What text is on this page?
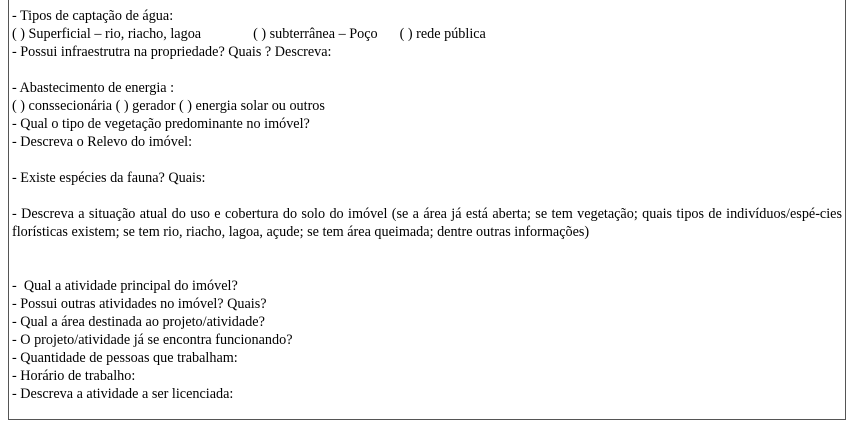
- Tipos de captação de água:
( ) Superficial – rio, riacho, lagoa	( ) subterrânea – Poço ( ) rede pública
- Possui infraestrutra na propriedade? Quais ? Descreva:
- Abastecimento de energia :
( ) conssecionária ( ) gerador ( ) energia solar ou outros
- Qual o tipo de vegetação predominante no imóvel?
- Descreva o Relevo do imóvel:
- Existe espécies da fauna? Quais:
- Descreva a situação atual do uso e cobertura do solo do imóvel (se a área já está aberta; se tem vegetação; quais tipos de indivíduos/espé-cies florísticas existem; se tem rio, riacho, lagoa, açude; se tem área queimada; dentre outras informações)
-  Qual a atividade principal do imóvel?
- Possui outras atividades no imóvel? Quais?
- Qual a área destinada ao projeto/atividade?
- O projeto/atividade já se encontra funcionando?
- Quantidade de pessoas que trabalham:
- Horário de trabalho:
- Descreva a atividade a ser licenciada:
